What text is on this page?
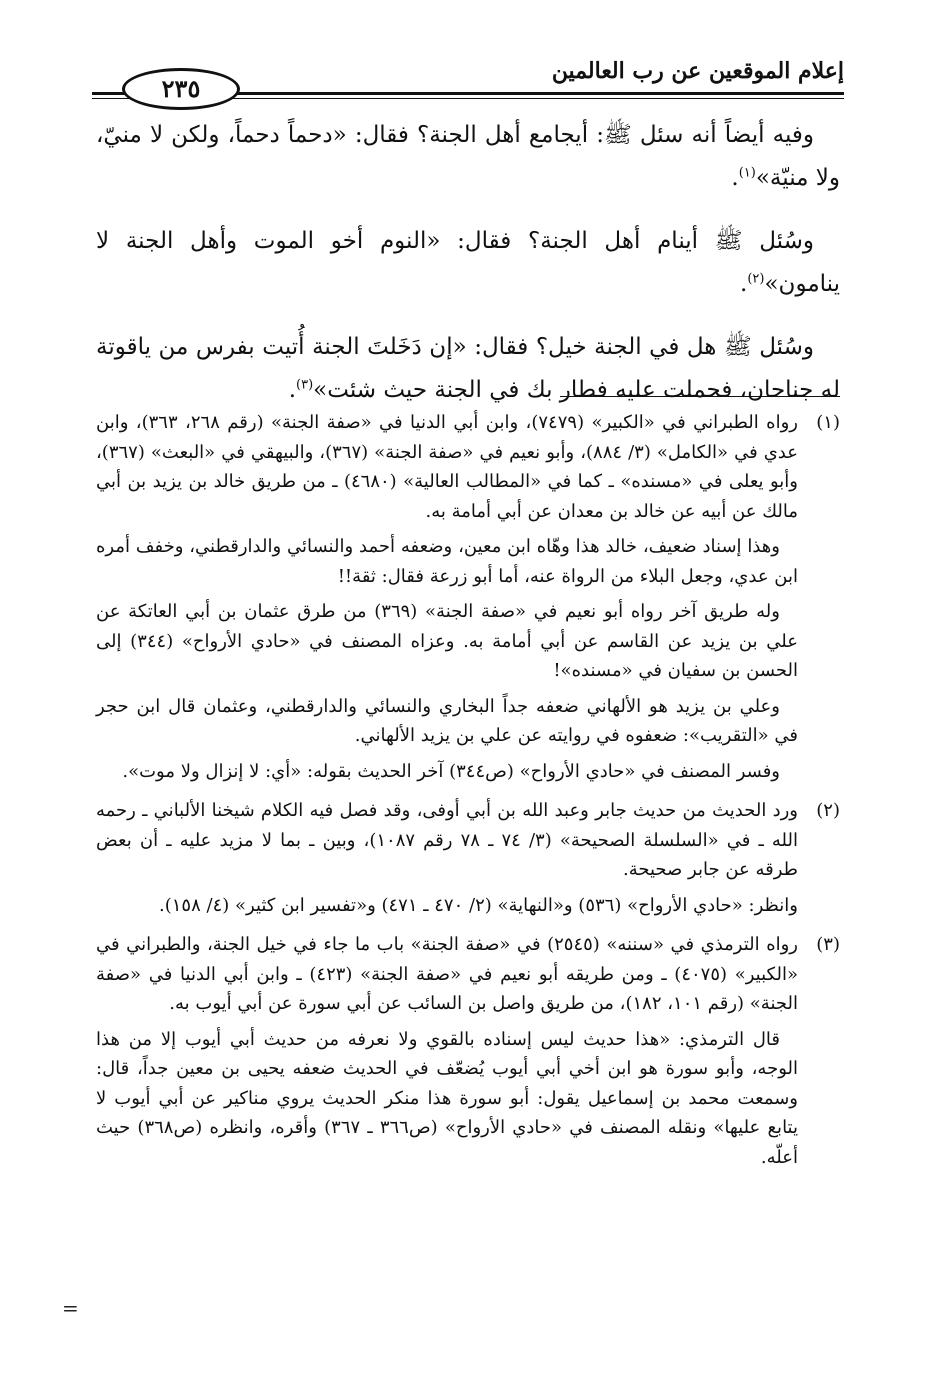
إعلام الموقعين عن رب العالمين
٢٣٥

وفيه أيضاً أنه سئل ﷺ: أيجامع أهل الجنة؟ فقال: «دحماً دحماً، ولكن لا منيّ، ولا منيّة»$^{(١)}$.

وسُئل ﷺ أينام أهل الجنة؟ فقال: «النوم أخو الموت وأهل الجنة لا ينامون»$^{(٢)}$.

وسُئل ﷺ هل في الجنة خيل؟ فقال: «إن دَخَلتَ الجنة أُتيت بفرس من ياقوتة له جناحان، فحملت عليه فطار بك في الجنة حيث شئت»$^{(٣)}$.

(١)

رواه الطبراني في «الكبير» (٧٤٧٩)، وابن أبي الدنيا في «صفة الجنة» (رقم ٢٦٨، ٣٦٣)، وابن عدي في «الكامل» (٣/ ٨٨٤)، وأبو نعيم في «صفة الجنة» (٣٦٧)، والبيهقي في «البعث» (٣٦٧)، وأبو يعلى في «مسنده» ـ كما في «المطالب العالية» (٤٦٨٠) ـ من طريق خالد بن يزيد بن أبي مالك عن أبيه عن خالد بن معدان عن أبي أمامة به.

وهذا إسناد ضعيف، خالد هذا وهّاه ابن معين، وضعفه أحمد والنسائي والدارقطني، وخفف أمره ابن عدي، وجعل البلاء من الرواة عنه، أما أبو زرعة فقال: ثقة!!

وله طريق آخر رواه أبو نعيم في «صفة الجنة» (٣٦٩) من طرق عثمان بن أبي العاتكة عن علي بن يزيد عن القاسم عن أبي أمامة به. وعزاه المصنف في «حادي الأرواح» (٣٤٤) إلى الحسن بن سفيان في «مسنده»!

وعلي بن يزيد هو الألهاني ضعفه جداً البخاري والنسائي والدارقطني، وعثمان قال ابن حجر في «التقريب»: ضعفوه في روايته عن علي بن يزيد الألهاني.

وفسر المصنف في «حادي الأرواح» (ص٣٤٤) آخر الحديث بقوله: «أي: لا إنزال ولا موت».

(٢)

ورد الحديث من حديث جابر وعبد الله بن أبي أوفى، وقد فصل فيه الكلام شيخنا الألباني ـ رحمه الله ـ في «السلسلة الصحيحة» (٣/ ٧٤ ـ ٧٨ رقم ١٠٨٧)، وبين ـ بما لا مزيد عليه ـ أن بعض طرقه عن جابر صحيحة.

وانظر: «حادي الأرواح» (٥٣٦) و«النهاية» (٢/ ٤٧٠ ـ ٤٧١) و«تفسير ابن كثير» (٤/ ١٥٨).

(٣)

رواه الترمذي في «سننه» (٢٥٤٥) في «صفة الجنة» باب ما جاء في خيل الجنة، والطبراني في «الكبير» (٤٠٧٥) ـ ومن طريقه أبو نعيم في «صفة الجنة» (٤٢٣) ـ وابن أبي الدنيا في «صفة الجنة» (رقم ١٠١، ١٨٢)، من طريق واصل بن السائب عن أبي سورة عن أبي أيوب به.

قال الترمذي: «هذا حديث ليس إسناده بالقوي ولا نعرفه من حديث أبي أيوب إلا من هذا الوجه، وأبو سورة هو ابن أخي أبي أيوب يُضعّف في الحديث ضعفه يحيى بن معين جداً، قال: وسمعت محمد بن إسماعيل يقول: أبو سورة هذا منكر الحديث يروي مناكير عن أبي أيوب لا يتابع عليها» ونقله المصنف في «حادي الأرواح» (ص٣٦٦ ـ ٣٦٧) وأقره، وانظره (ص٣٦٨) حيث أعلّه.

=
